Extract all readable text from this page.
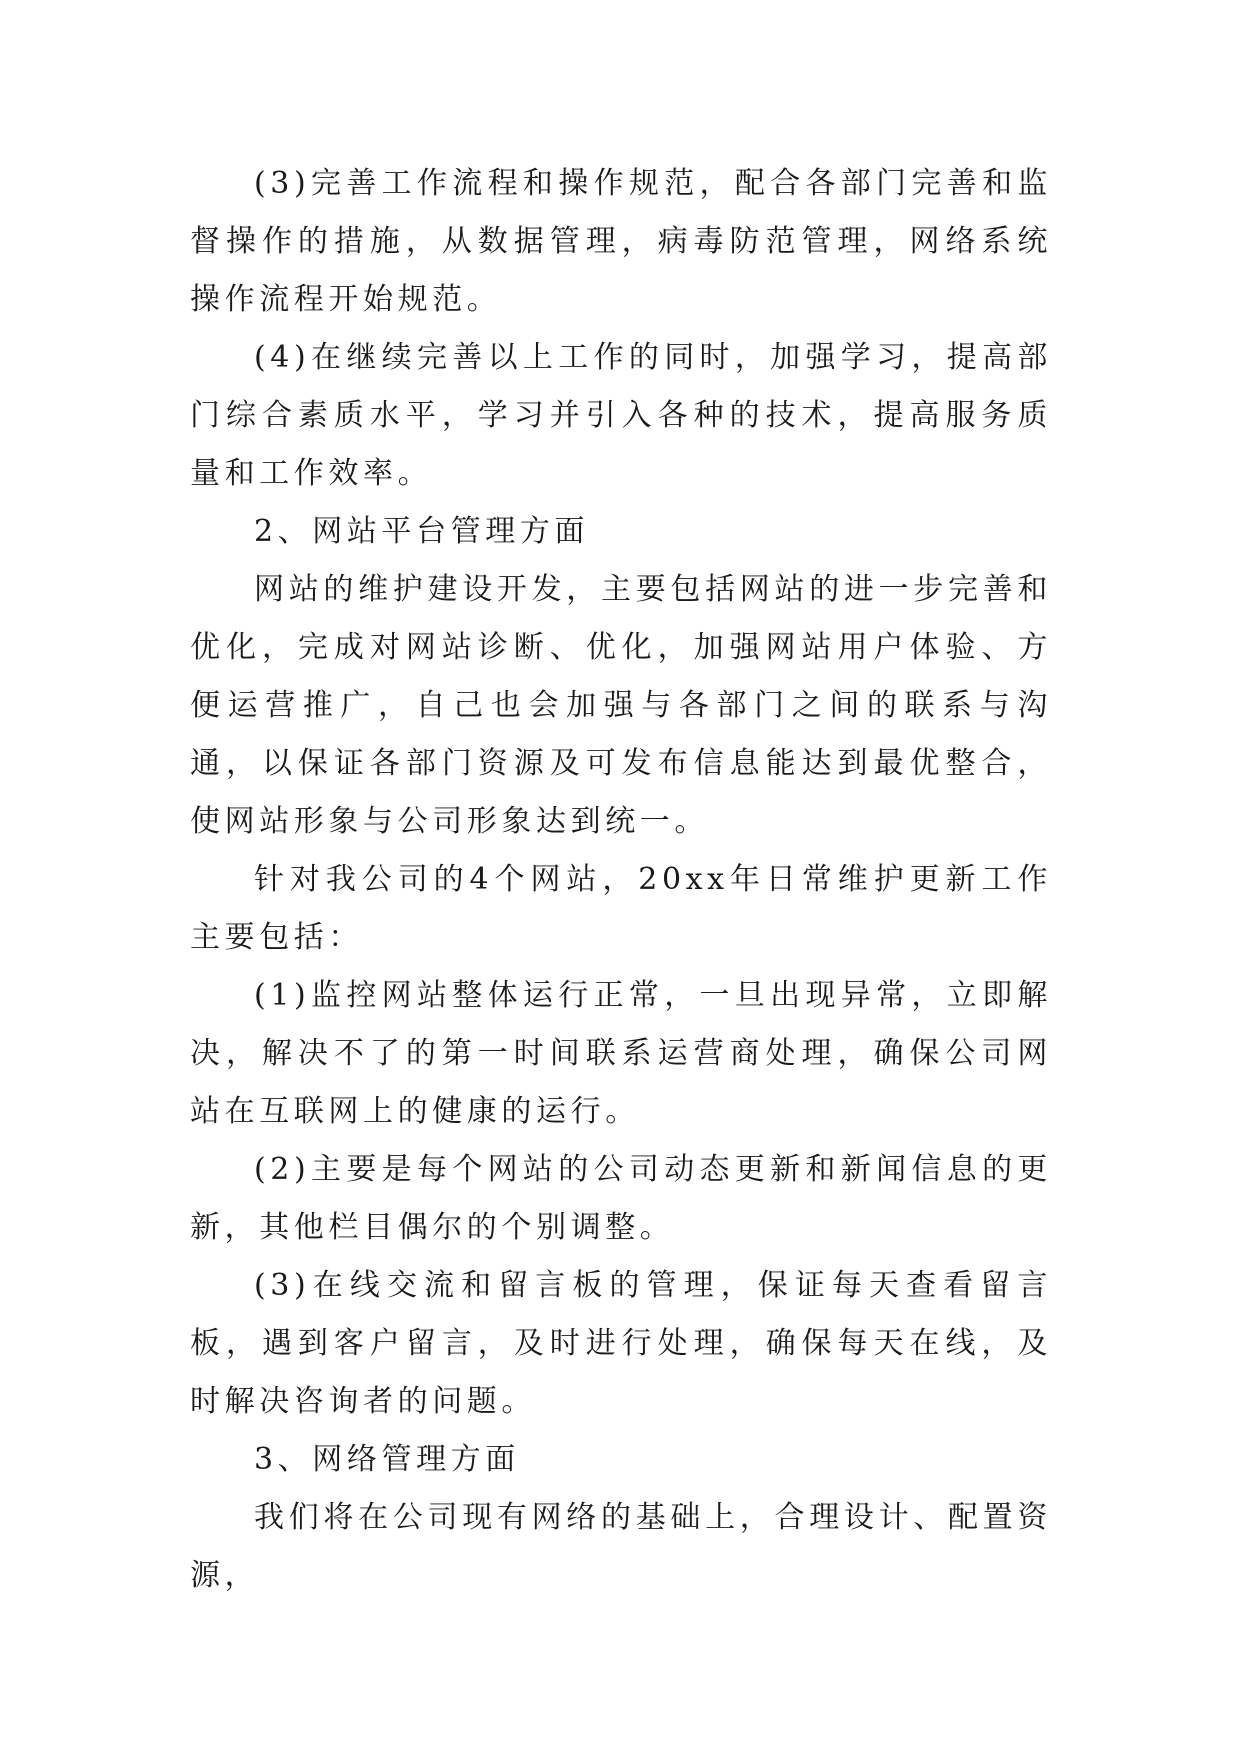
(3)完善工作流程和操作规范，配合各部门完善和监督操作的措施，从数据管理，病毒防范管理，网络系统操作流程开始规范。

(4)在继续完善以上工作的同时，加强学习，提高部门综合素质水平，学习并引入各种的技术，提高服务质量和工作效率。

2、网站平台管理方面

网站的维护建设开发，主要包括网站的进一步完善和优化，完成对网站诊断、优化，加强网站用户体验、方便运营推广，自己也会加强与各部门之间的联系与沟通，以保证各部门资源及可发布信息能达到最优整合，使网站形象与公司形象达到统一。

针对我公司的4个网站，20xx年日常维护更新工作主要包括：

(1)监控网站整体运行正常，一旦出现异常，立即解决，解决不了的第一时间联系运营商处理，确保公司网站在互联网上的健康的运行。

(2)主要是每个网站的公司动态更新和新闻信息的更新，其他栏目偶尔的个别调整。

(3)在线交流和留言板的管理，保证每天查看留言板，遇到客户留言，及时进行处理，确保每天在线，及时解决咨询者的问题。

3、网络管理方面

我们将在公司现有网络的基础上，合理设计、配置资源，
